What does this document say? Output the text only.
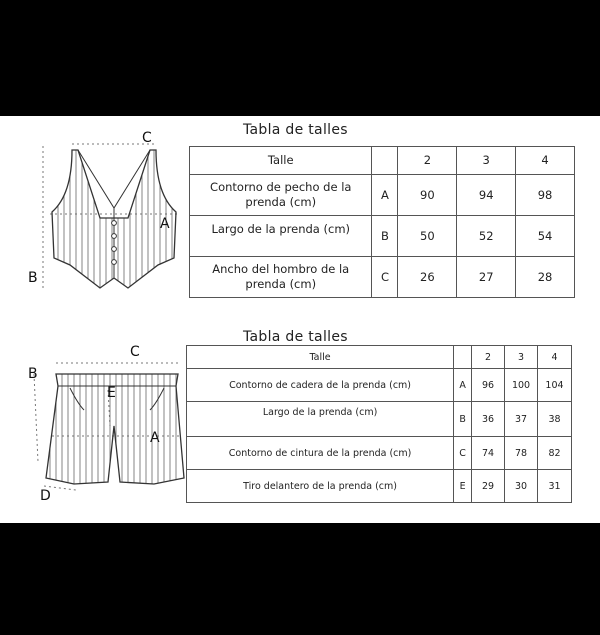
C
A
B
Tabla de talles
Talle		2	3	4
Contorno de pecho de la prenda (cm)	A	90	94	98
Largo de la prenda (cm)	B	50	52	54
Ancho del hombro de la prenda (cm)	C	26	27	28
C
B
E
A
D
Tabla de talles
Talle		2	3	4
Contorno de cadera de la prenda (cm)	A	96	100	104
Largo de la prenda (cm)	B	36	37	38
Contorno de cintura de la prenda (cm)	C	74	78	82
Tiro delantero de la prenda (cm)	E	29	30	31
